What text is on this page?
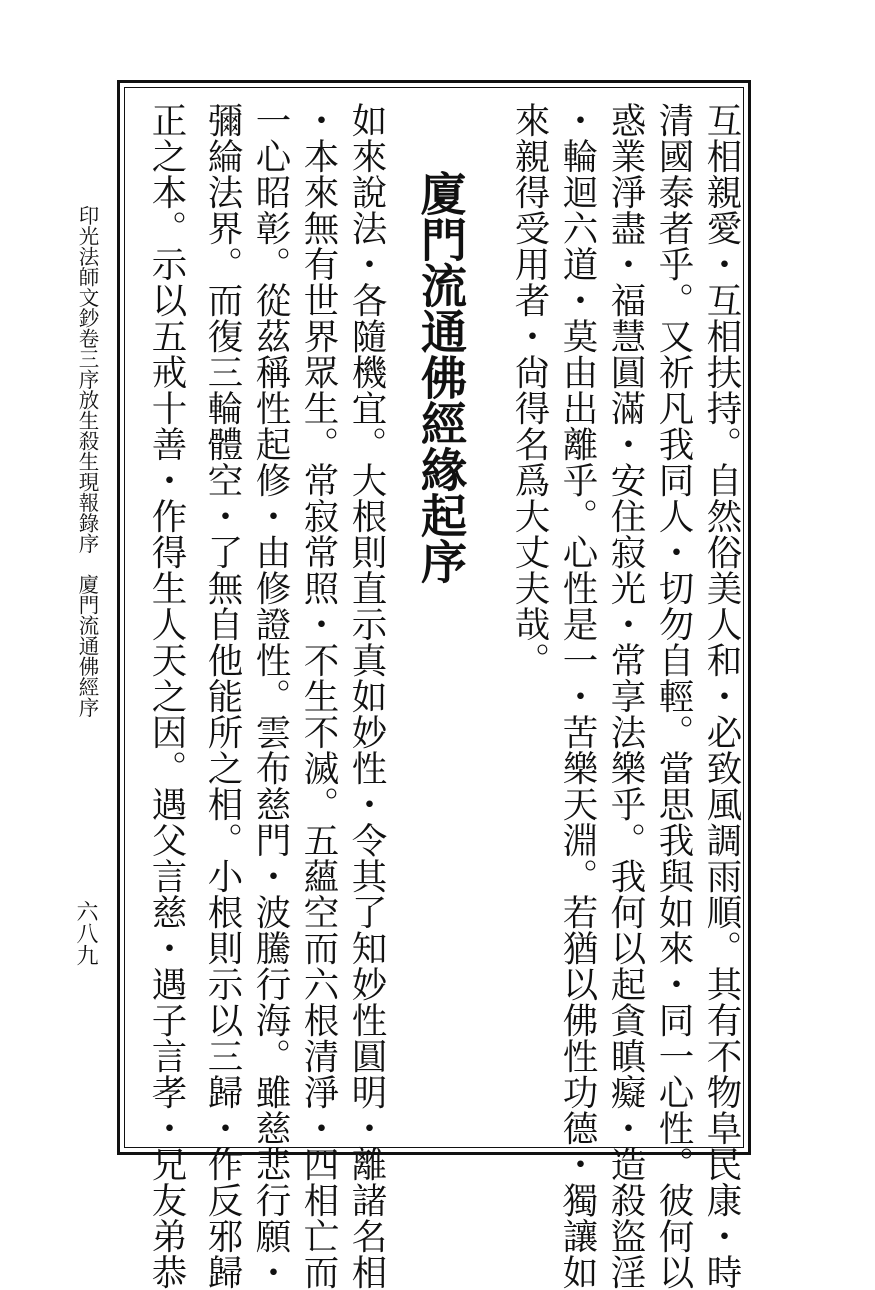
印光法師文鈔卷三序放生殺生現報錄序　廈門流通佛經序
六八九	互相親愛・互相扶持。自然俗美人和・必致風調雨順。其有不物阜民康・時
清國泰者乎。又祈凡我同人・切勿自輕。當思我與如來・同一心性。彼何以
惑業淨盡・福慧圓滿・安住寂光・常享法樂乎。我何以起貪瞋癡・造殺盜淫
・輪迴六道・莫由出離乎。心性是一・苦樂天淵。若猶以佛性功德・獨讓如
來親得受用者・尙得名爲大丈夫哉。
廈門流通佛經緣起序
如來說法・各隨機宜。大根則直示真如妙性・令其了知妙性圓明・離諸名相
・本來無有世界眾生。常寂常照・不生不滅。五蘊空而六根清淨・四相亡而
一心昭彰。從茲稱性起修・由修證性。雲布慈門・波騰行海。雖慈悲行願・
彌綸法界。而復三輪體空・了無自他能所之相。小根則示以三歸・作反邪歸
正之本。示以五戒十善・作得生人天之因。遇父言慈・遇子言孝・兄友弟恭
